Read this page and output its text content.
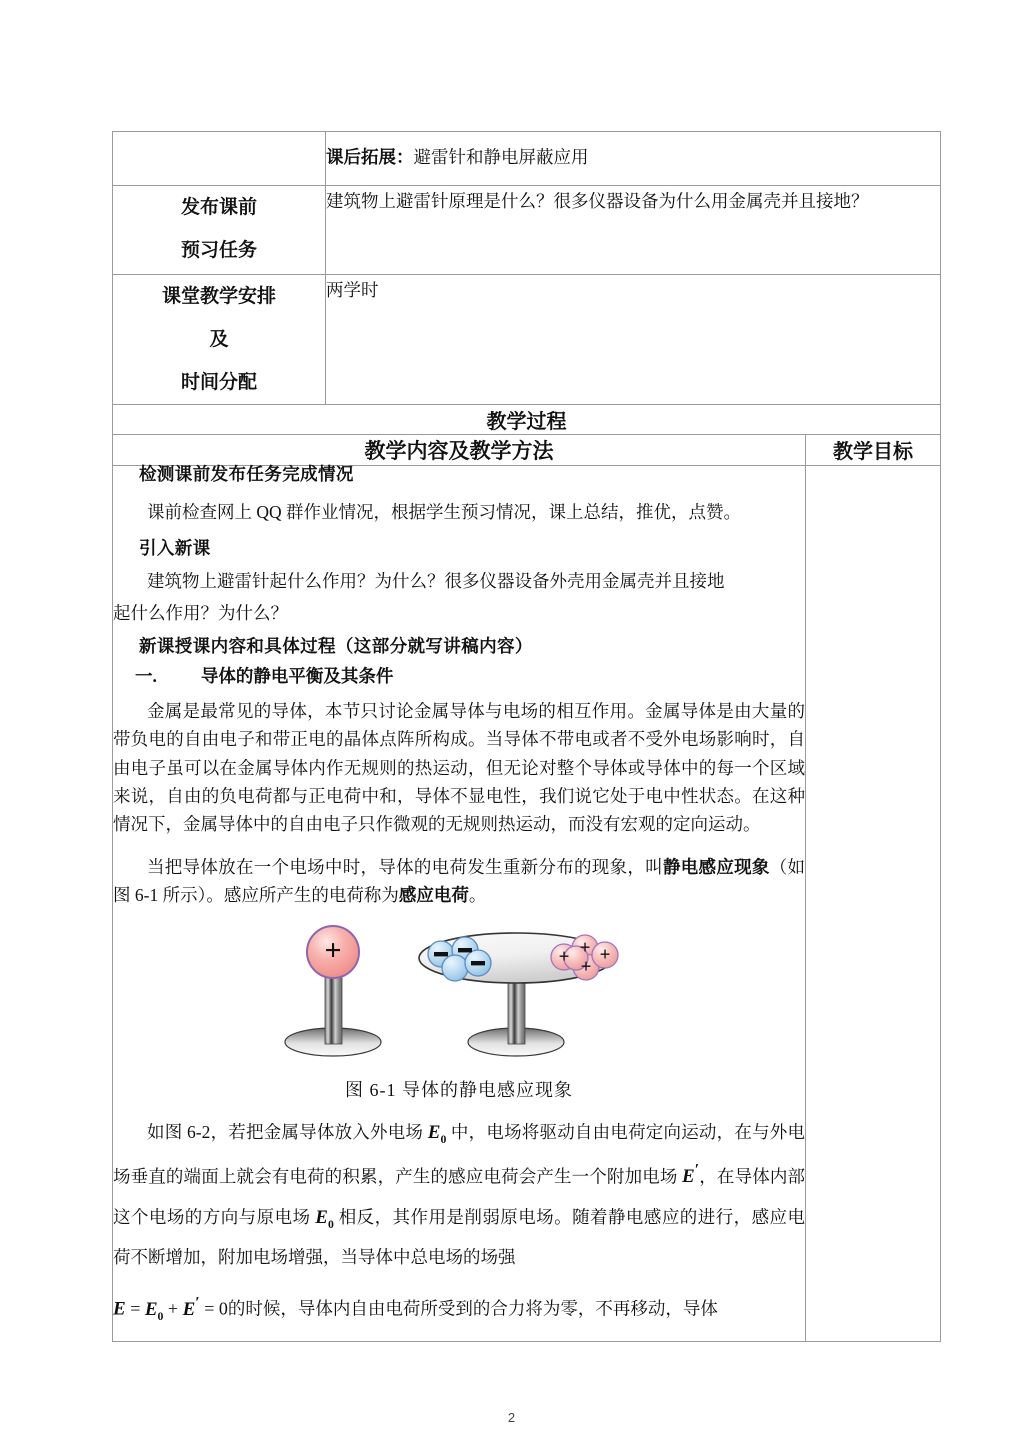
	课后拓展：避雷针和静电屏蔽应用	

发布课前
预习任务	建筑物上避雷针原理是什么？很多仪器设备为什么用金属壳并且接地？	

课堂教学安排
及
时间分配	两学时	
教学过程		
教学内容及教学方法		教学目标

检测课前发布任务完成情况
课前检查网上 QQ 群作业情况，根据学生预习情况，课上总结，推优，点赞。
引入新课
建筑物上避雷针起什么作用？为什么？很多仪器设备外壳用金属壳并且接地
起什么作用？为什么？
新课授课内容和具体过程（这部分就写讲稿内容）
一.	导体的静电平衡及其条件
金属是最常见的导体，本节只讨论金属导体与电场的相互作用。金属导体是由大量的带负电的自由电子和带正电的晶体点阵所构成。当导体不带电或者不受外电场影响时，自由电子虽可以在金属导体内作无规则的热运动，但无论对整个导体或导体中的每一个区域来说，自由的负电荷都与正电荷中和，导体不显电性，我们说它处于电中性状态。在这种情况下，金属导体中的自由电子只作微观的无规则热运动，而没有宏观的定向运动。
当把导体放在一个电场中时，导体的电荷发生重新分布的现象，叫静电感应现象（如图 6-1 所示）。感应所产生的电荷称为感应电荷。
+	+ +
+
+
图 6-1 导体的静电感应现象
如图 6-2，若把金属导体放入外电场 $E_0$ 中，电场将驱动自由电荷定向运动，在与外电场垂直的端面上就会有电荷的积累，产生的感应电荷会产生一个附加电场 E′，在导体内部这个电场的方向与原电场 $E_0$ 相反，其作用是削弱原电场。随着静电感应的进行，感应电荷不断增加，附加电场增强，当导体中总电场的场强
$E = E_0 + E' = 0$的时候，导体内自由电荷所受到的合力将为零，不再移动，导体

2
